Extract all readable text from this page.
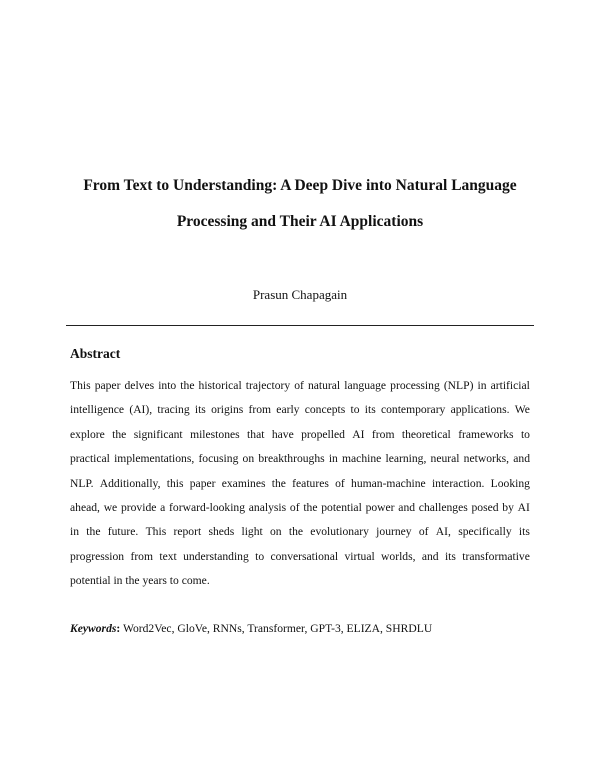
From Text to Understanding: A Deep Dive into Natural Language
Processing and Their AI Applications

Prasun Chapagain

Abstract
This paper delves into the historical trajectory of natural language processing (NLP) in artificial
intelligence (AI), tracing its origins from early concepts to its contemporary applications. We
explore the significant milestones that have propelled AI from theoretical frameworks to
practical implementations, focusing on breakthroughs in machine learning, neural networks, and
NLP. Additionally, this paper examines the features of human-machine interaction. Looking
ahead, we provide a forward-looking analysis of the potential power and challenges posed by AI
in the future. This report sheds light on the evolutionary journey of AI, specifically its
progression from text understanding to conversational virtual worlds, and its transformative
potential in the years to come.

Keywords: Word2Vec, GloVe, RNNs, Transformer, GPT-3, ELIZA, SHRDLU
